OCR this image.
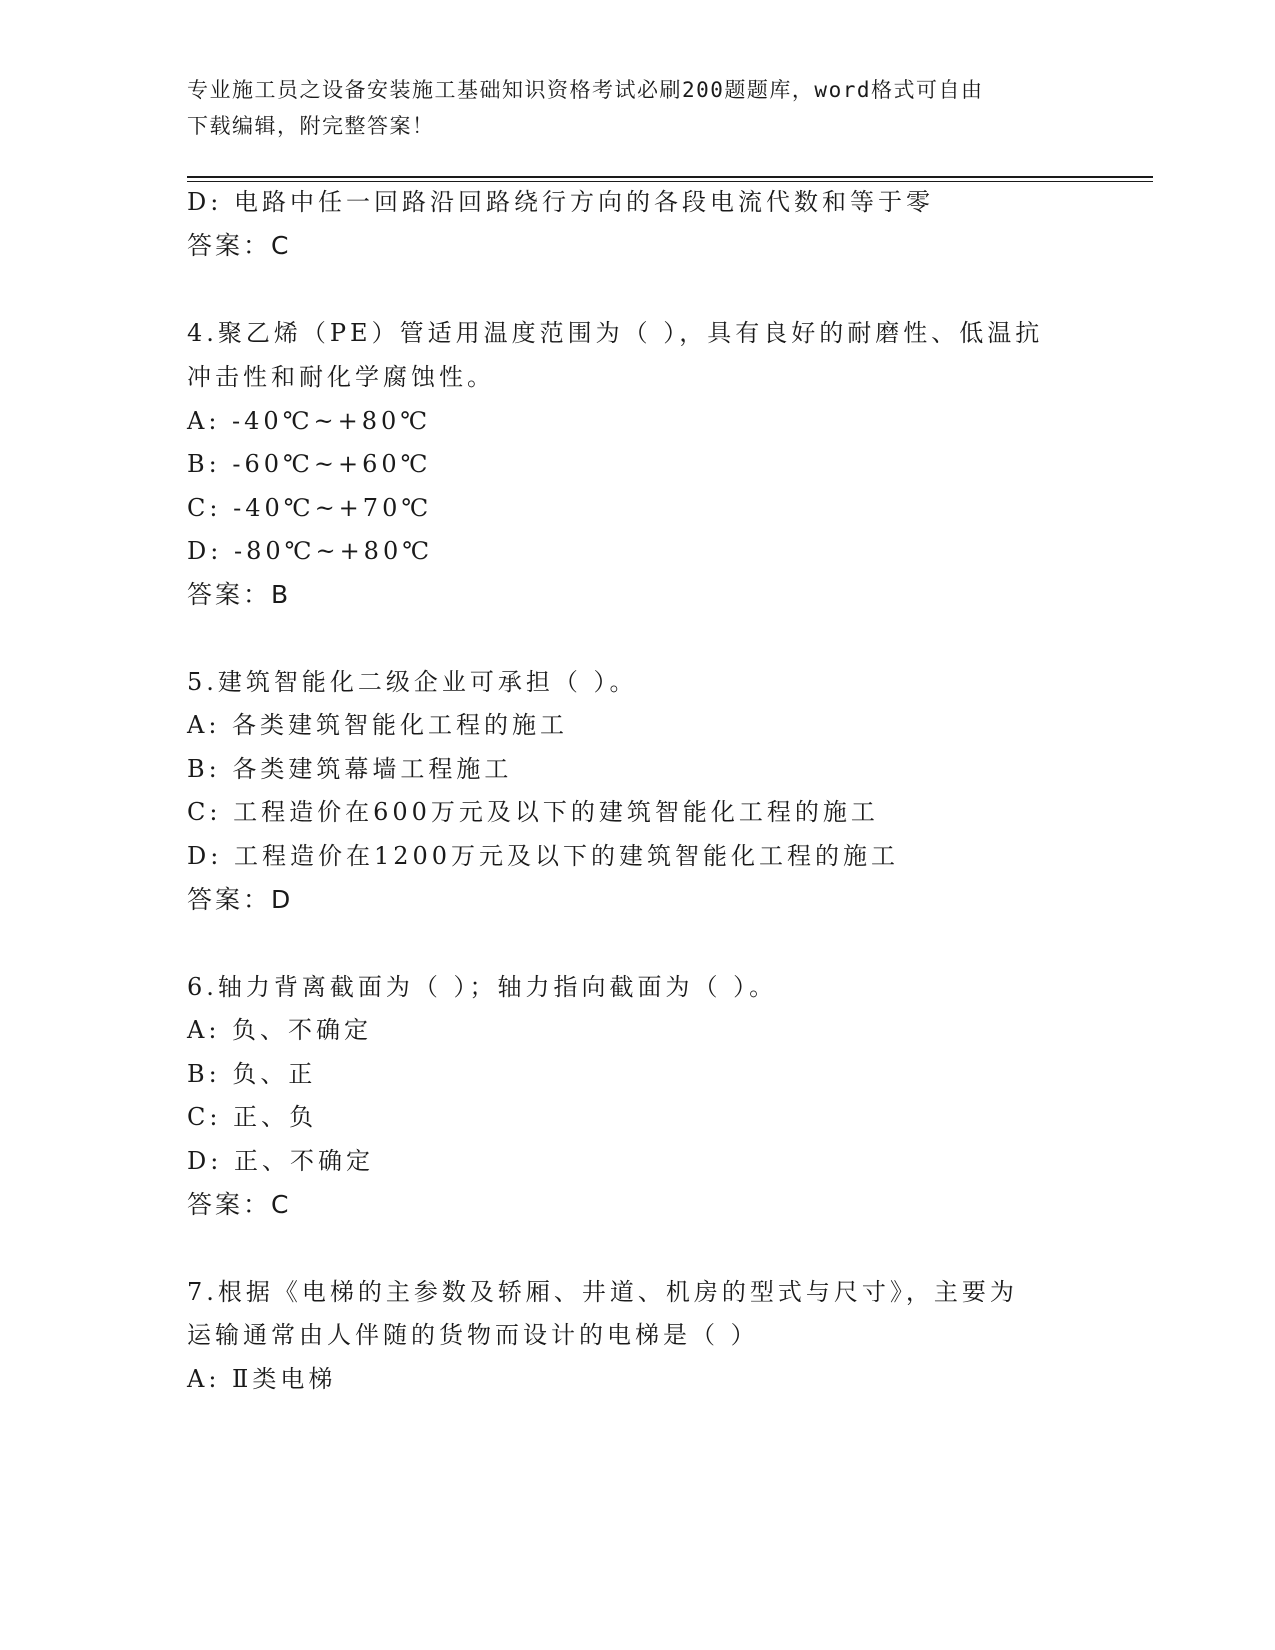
专业施工员之设备安装施工基础知识资格考试必刷200题题库，word格式可自由
下载编辑，附完整答案！
D: 电路中任一回路沿回路绕行方向的各段电流代数和等于零
答案：C
4.聚乙烯（PE）管适用温度范围为（ ），具有良好的耐磨性、低温抗
冲击性和耐化学腐蚀性。
A: -40℃~+80℃
B: -60℃~+60℃
C: -40℃~+70℃
D: -80℃~+80℃
答案：B
5.建筑智能化二级企业可承担（ ）。
A: 各类建筑智能化工程的施工
B: 各类建筑幕墙工程施工
C: 工程造价在600万元及以下的建筑智能化工程的施工
D: 工程造价在1200万元及以下的建筑智能化工程的施工
答案：D
6.轴力背离截面为（ ）；轴力指向截面为（ ）。
A: 负、不确定
B: 负、正
C: 正、负
D: 正、不确定
答案：C
7.根据《电梯的主参数及轿厢、井道、机房的型式与尺寸》，主要为
运输通常由人伴随的货物而设计的电梯是（ ）
A: Ⅱ类电梯
